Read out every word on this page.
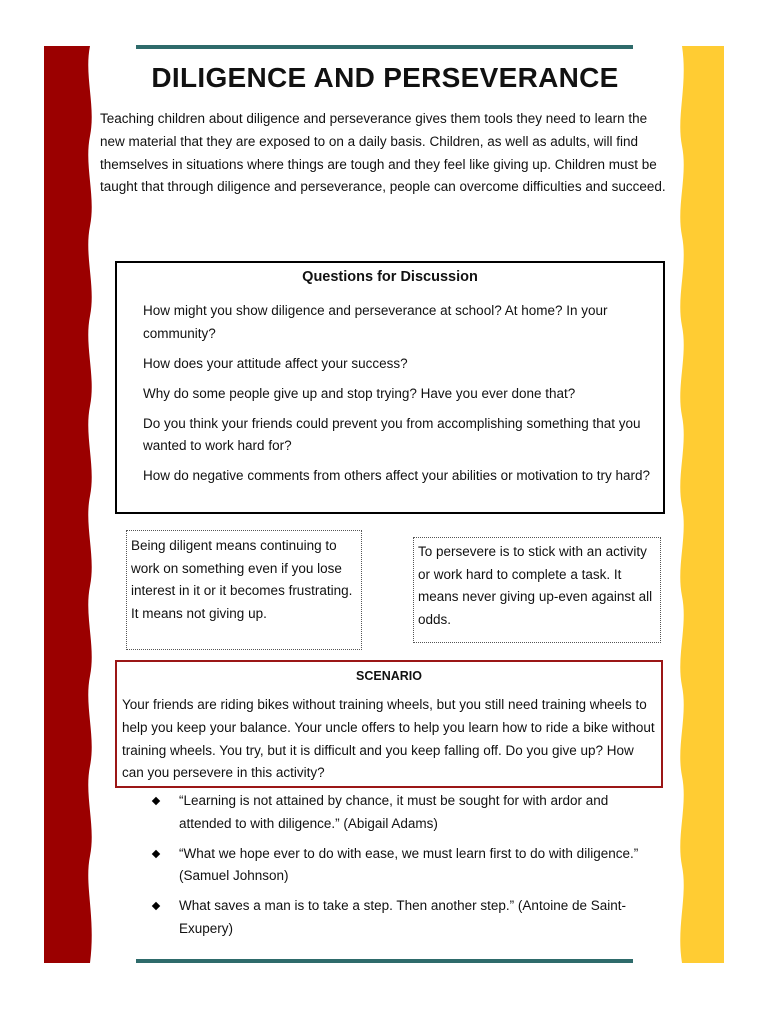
DILIGENCE AND PERSEVERANCE

Teaching children about diligence and perseverance gives them tools they need to learn the new material that they are exposed to on a daily basis. Children, as well as adults, will find themselves in situations where things are tough and they feel like giving up. Children must be taught that through diligence and perseverance, people can overcome difficulties and succeed.

Questions for Discussion
How might you show diligence and perseverance at school? At home? In your community?
How does your attitude affect your success?
Why do some people give up and stop trying? Have you ever done that?
Do you think your friends could prevent you from accomplishing something that you wanted to work hard for?
How do negative comments from others affect your abilities or motivation to try hard?
Being diligent means continuing to work on something even if you lose interest in it or it becomes frustrating. It means not giving up.
To persevere is to stick with an activity or work hard to complete a task. It means never giving up-even against all odds.
SCENARIO

Your friends are riding bikes without training wheels, but you still need training wheels to help you keep your balance. Your uncle offers to help you learn how to ride a bike without training wheels. You try, but it is difficult and you keep falling off. Do you give up? How can you persevere in this activity?

“Learning is not attained by chance, it must be sought for with ardor and attended to with diligence.” (Abigail Adams)
“What we hope ever to do with ease, we must learn first to do with diligence.” (Samuel Johnson)
What saves a man is to take a step. Then another step.” (Antoine de Saint-Exupery)
